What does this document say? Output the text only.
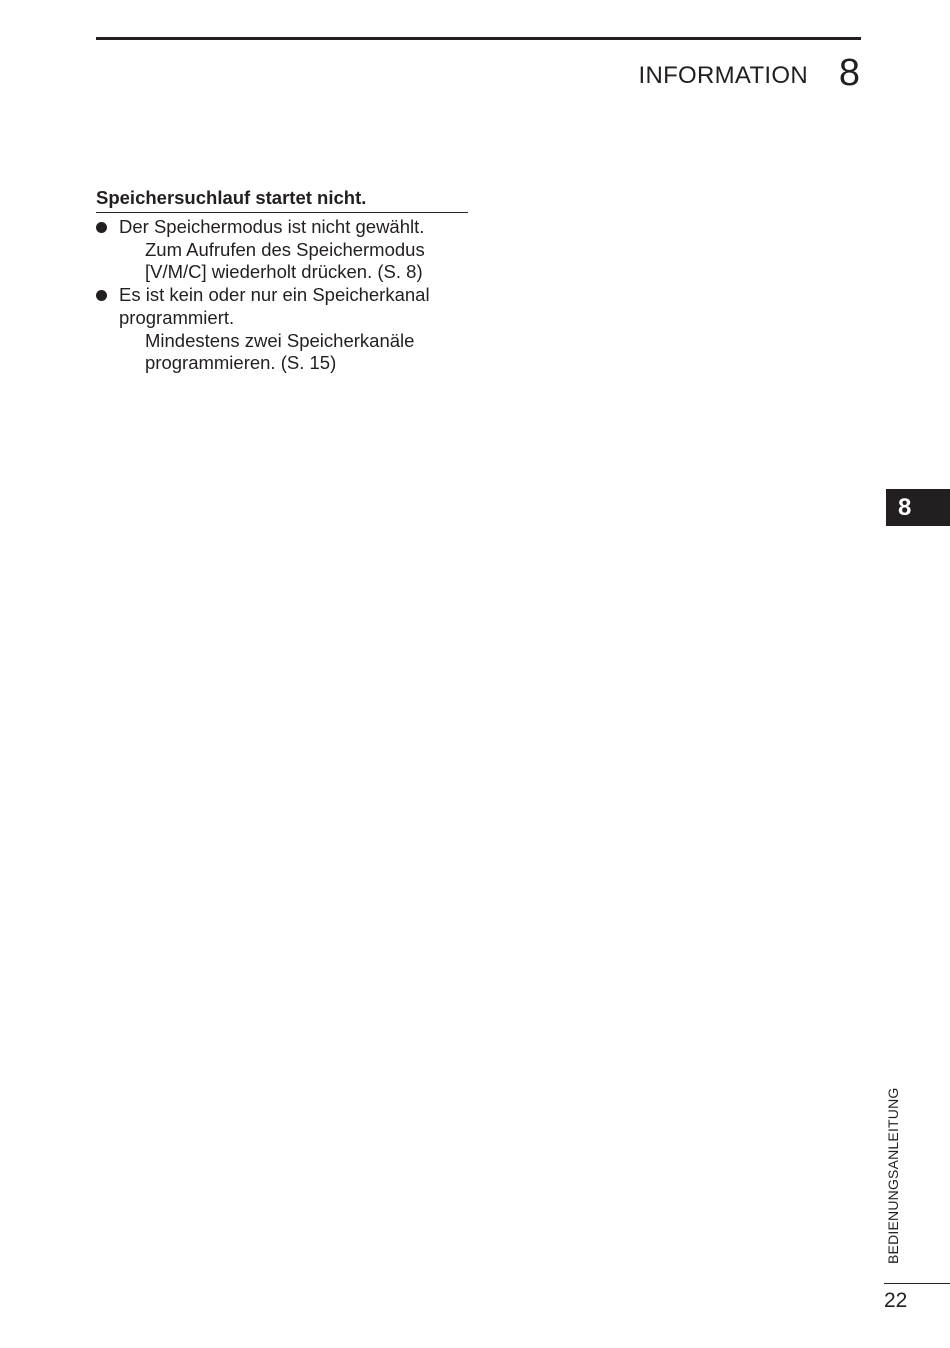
INFORMATION 8
Speichersuchlauf startet nicht.
Der Speichermodus ist nicht gewählt.
Zum Aufrufen des Speichermodus
[V/M/C] wiederholt drücken. (S. 8)
Es ist kein oder nur ein Speicherkanal
programmiert.
Mindestens zwei Speicherkanäle
programmieren. (S. 15)
8
BEDIENUNGSANLEITUNG
22
